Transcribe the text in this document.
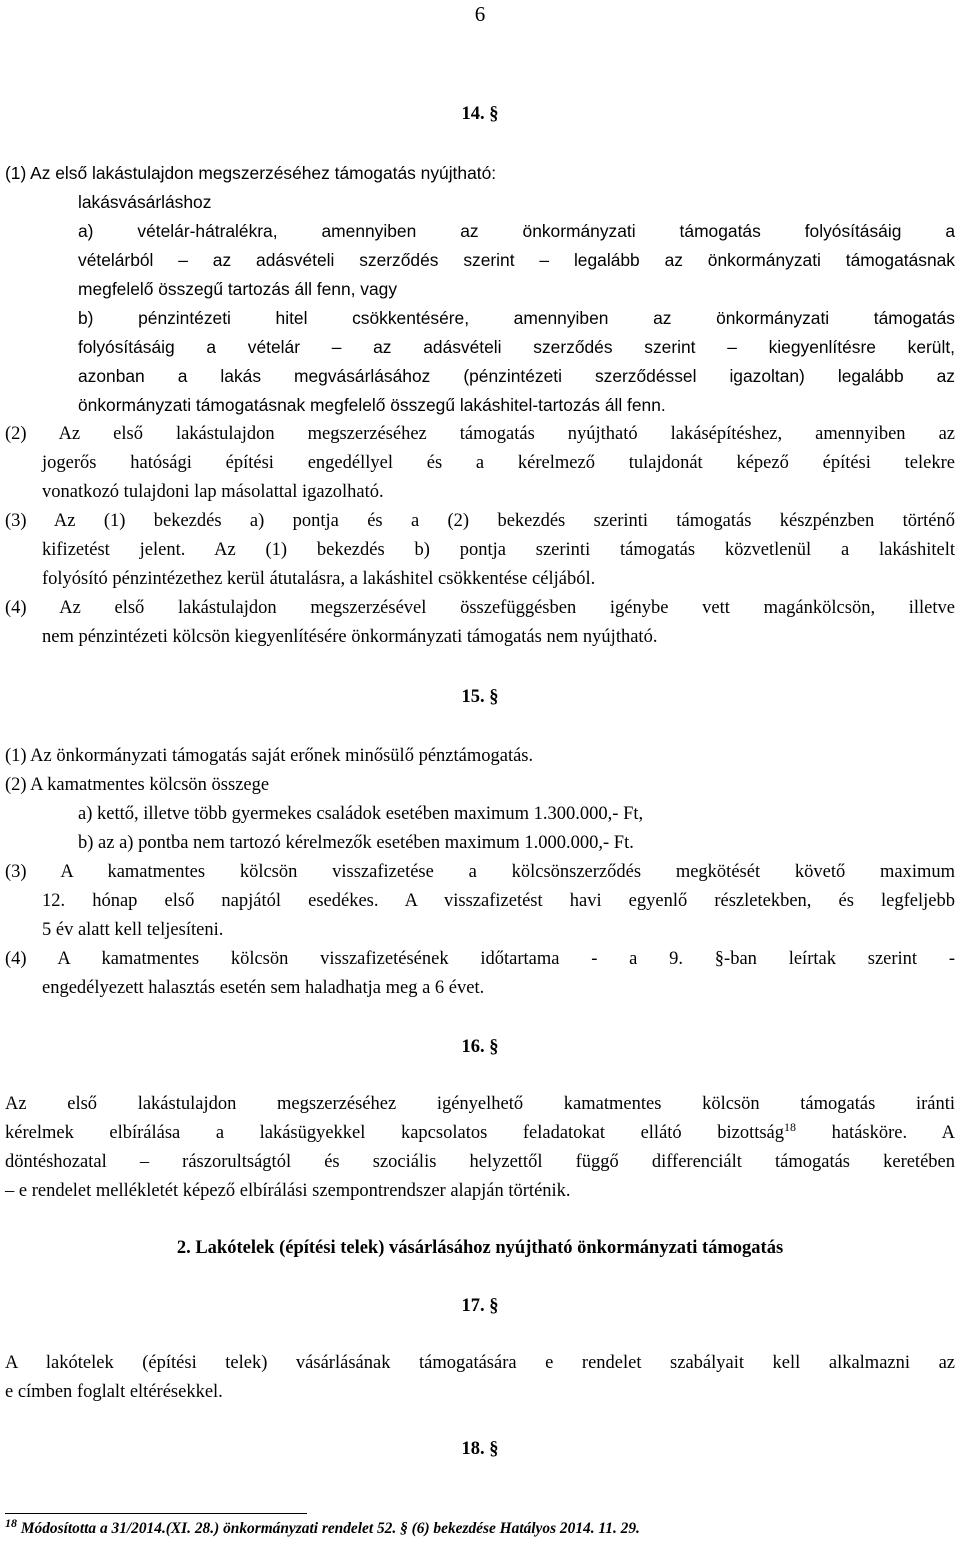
6
14. §
(1) Az első lakástulajdon megszerzéséhez támogatás nyújtható:
lakásvásárláshoz
a) vételár-hátralékra, amennyiben az önkormányzati támogatás folyósításáig a
vételárból – az adásvételi szerződés szerint – legalább az önkormányzati támogatásnak
megfelelő összegű tartozás áll fenn, vagy
b) pénzintézeti hitel csökkentésére, amennyiben az önkormányzati támogatás
folyósításáig a vételár – az adásvételi szerződés szerint – kiegyenlítésre került,
azonban a lakás megvásárlásához (pénzintézeti szerződéssel igazoltan) legalább az
önkormányzati támogatásnak megfelelő összegű lakáshitel-tartozás áll fenn.
(2) Az első lakástulajdon megszerzéséhez támogatás nyújtható lakásépítéshez, amennyiben az
jogerős hatósági építési engedéllyel és a kérelmező tulajdonát képező építési telekre
vonatkozó tulajdoni lap másolattal igazolható.
(3) Az (1) bekezdés a) pontja és a (2) bekezdés szerinti támogatás készpénzben történő
kifizetést jelent. Az (1) bekezdés b) pontja szerinti támogatás közvetlenül a lakáshitelt
folyósító pénzintézethez kerül átutalásra, a lakáshitel csökkentése céljából.
(4) Az első lakástulajdon megszerzésével összefüggésben igénybe vett magánkölcsön, illetve
nem pénzintézeti kölcsön kiegyenlítésére önkormányzati támogatás nem nyújtható.
15. §
(1) Az önkormányzati támogatás saját erőnek minősülő pénztámogatás.
(2) A kamatmentes kölcsön összege
a) kettő, illetve több gyermekes családok esetében maximum 1.300.000,- Ft,
b) az a) pontba nem tartozó kérelmezők esetében maximum 1.000.000,- Ft.
(3) A kamatmentes kölcsön visszafizetése a kölcsönszerződés megkötését követő maximum
12. hónap első napjától esedékes. A visszafizetést havi egyenlő részletekben, és legfeljebb
5 év alatt kell teljesíteni.
(4) A kamatmentes kölcsön visszafizetésének időtartama - a 9. §-ban leírtak szerint -
engedélyezett halasztás esetén sem haladhatja meg a 6 évet.
16. §
Az első lakástulajdon megszerzéséhez igényelhető kamatmentes kölcsön támogatás iránti
kérelmek elbírálása a lakásügyekkel kapcsolatos feladatokat ellátó bizottság$^{18}$ hatásköre. A
döntéshozatal – rászorultságtól és szociális helyzettől függő differenciált támogatás keretében
– e rendelet mellékletét képező elbírálási szempontrendszer alapján történik.
2. Lakótelek (építési telek) vásárlásához nyújtható önkormányzati támogatás
17. §
A lakótelek (építési telek) vásárlásának támogatására e rendelet szabályait kell alkalmazni az
e címben foglalt eltérésekkel.
18. §
$^{18}$ Módosította a 31/2014.(XI. 28.) önkormányzati rendelet 52. § (6) bekezdése Hatályos 2014. 11. 29.
